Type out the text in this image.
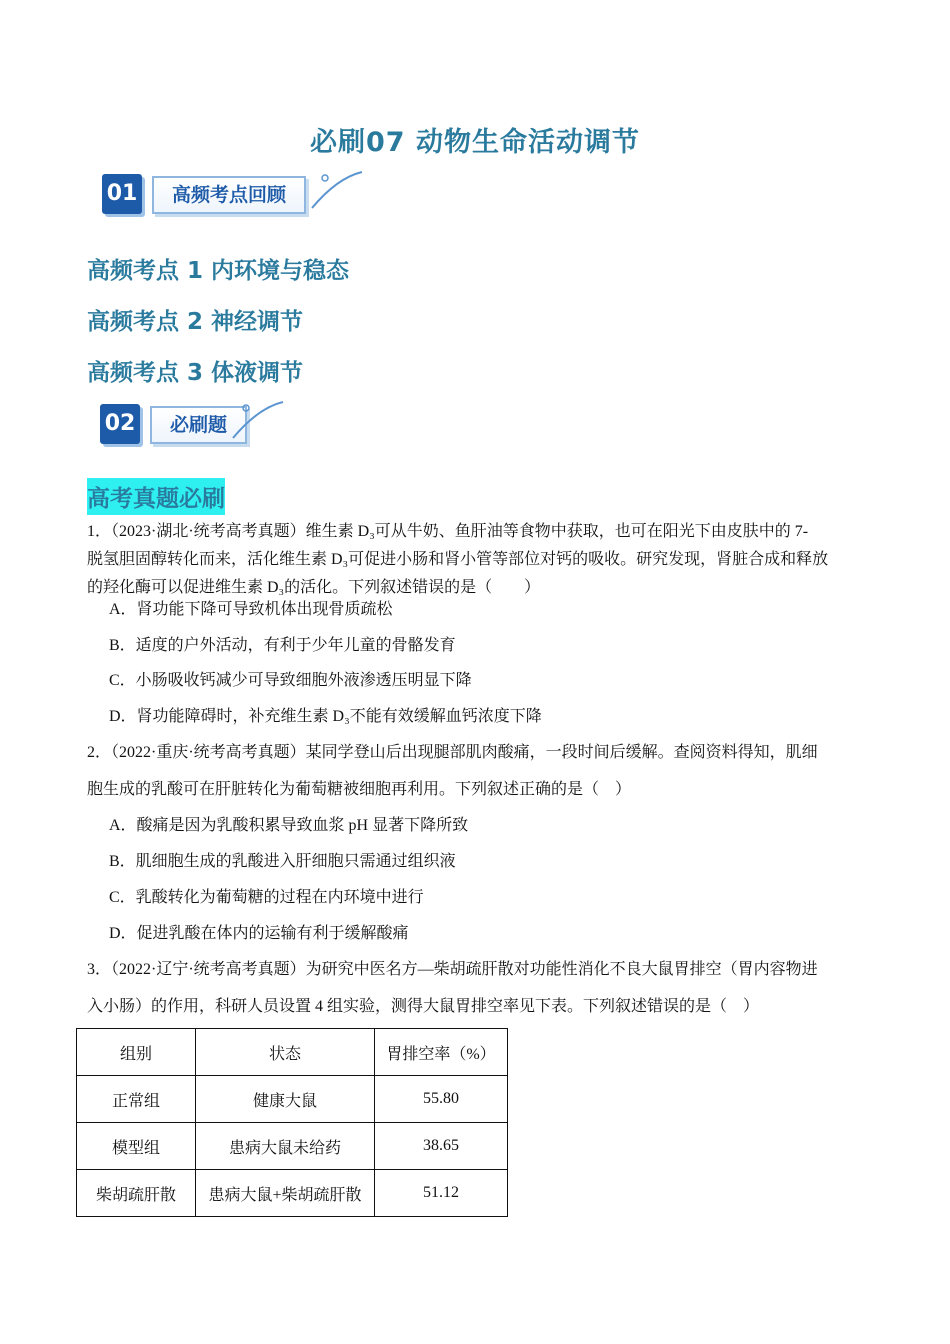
必刷07 动物生命活动调节
01	高频考点回顾
高频考点 1 内环境与稳态
高频考点 2 神经调节
高频考点 3 体液调节
02	必刷题
高考真题必刷
1．（2023·湖北·统考高考真题）维生素 D₃可从牛奶、鱼肝油等食物中获取，也可在阳光下由皮肤中的 7-
脱氢胆固醇转化而来，活化维生素 D₃可促进小肠和肾小管等部位对钙的吸收。研究发现，肾脏合成和释放
的羟化酶可以促进维生素 D₃的活化。下列叙述错误的是（　　）
A．肾功能下降可导致机体出现骨质疏松
B．适度的户外活动，有利于少年儿童的骨骼发育
C．小肠吸收钙减少可导致细胞外液渗透压明显下降
D．肾功能障碍时，补充维生素 D₃不能有效缓解血钙浓度下降
2．（2022·重庆·统考高考真题）某同学登山后出现腿部肌肉酸痛，一段时间后缓解。查阅资料得知，肌细
胞生成的乳酸可在肝脏转化为葡萄糖被细胞再利用。下列叙述正确的是（　）
A．酸痛是因为乳酸积累导致血浆 pH 显著下降所致
B．肌细胞生成的乳酸进入肝细胞只需通过组织液
C．乳酸转化为葡萄糖的过程在内环境中进行
D．促进乳酸在体内的运输有利于缓解酸痛
3．（2022·辽宁·统考高考真题）为研究中医名方—柴胡疏肝散对功能性消化不良大鼠胃排空（胃内容物进
入小肠）的作用，科研人员设置 4 组实验，测得大鼠胃排空率见下表。下列叙述错误的是（　）
组别	状态	胃排空率（%）
正常组	健康大鼠	55.80
模型组	患病大鼠未给药	38.65
柴胡疏肝散	患病大鼠+柴胡疏肝散	51.12
